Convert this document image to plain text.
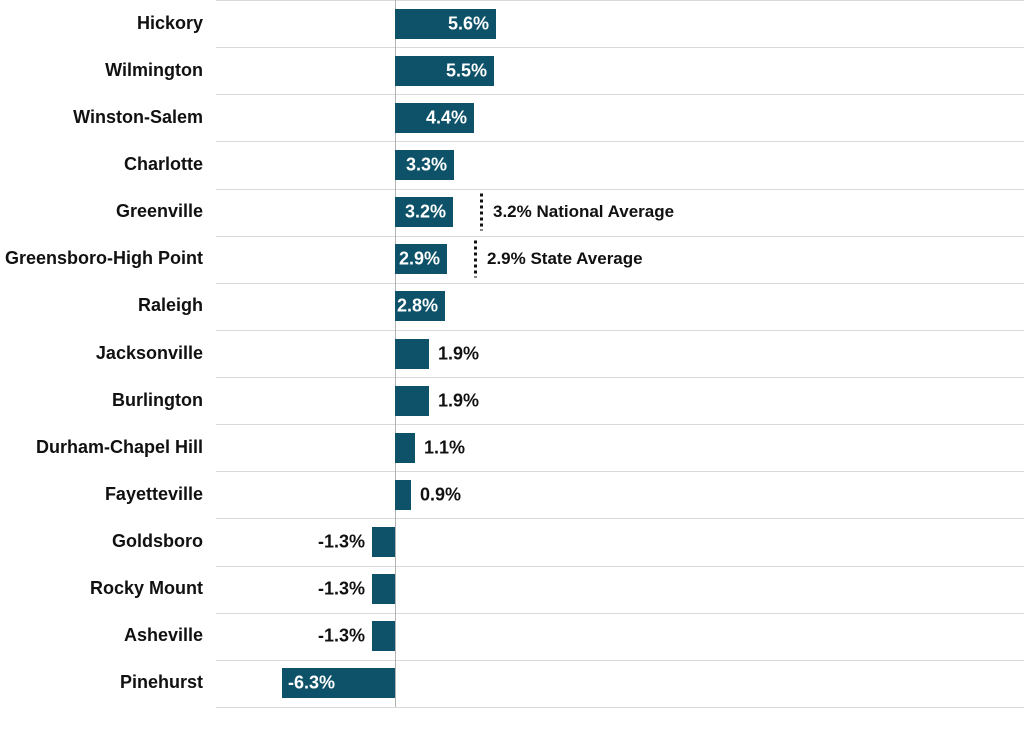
Hickory	5.6%
Wilmington	5.5%
Winston-Salem	4.4%
Charlotte	3.3%
Greenville	3.2%
Greensboro-High Point	2.9%
Raleigh	2.8%
Jacksonville	1.9%
Burlington	1.9%
Durham-Chapel Hill	1.1%
Fayetteville	0.9%
Goldsboro	-1.3%
Rocky Mount	-1.3%
Asheville	-1.3%
Pinehurst	-6.3%
3.2% National Average
2.9% State Average
